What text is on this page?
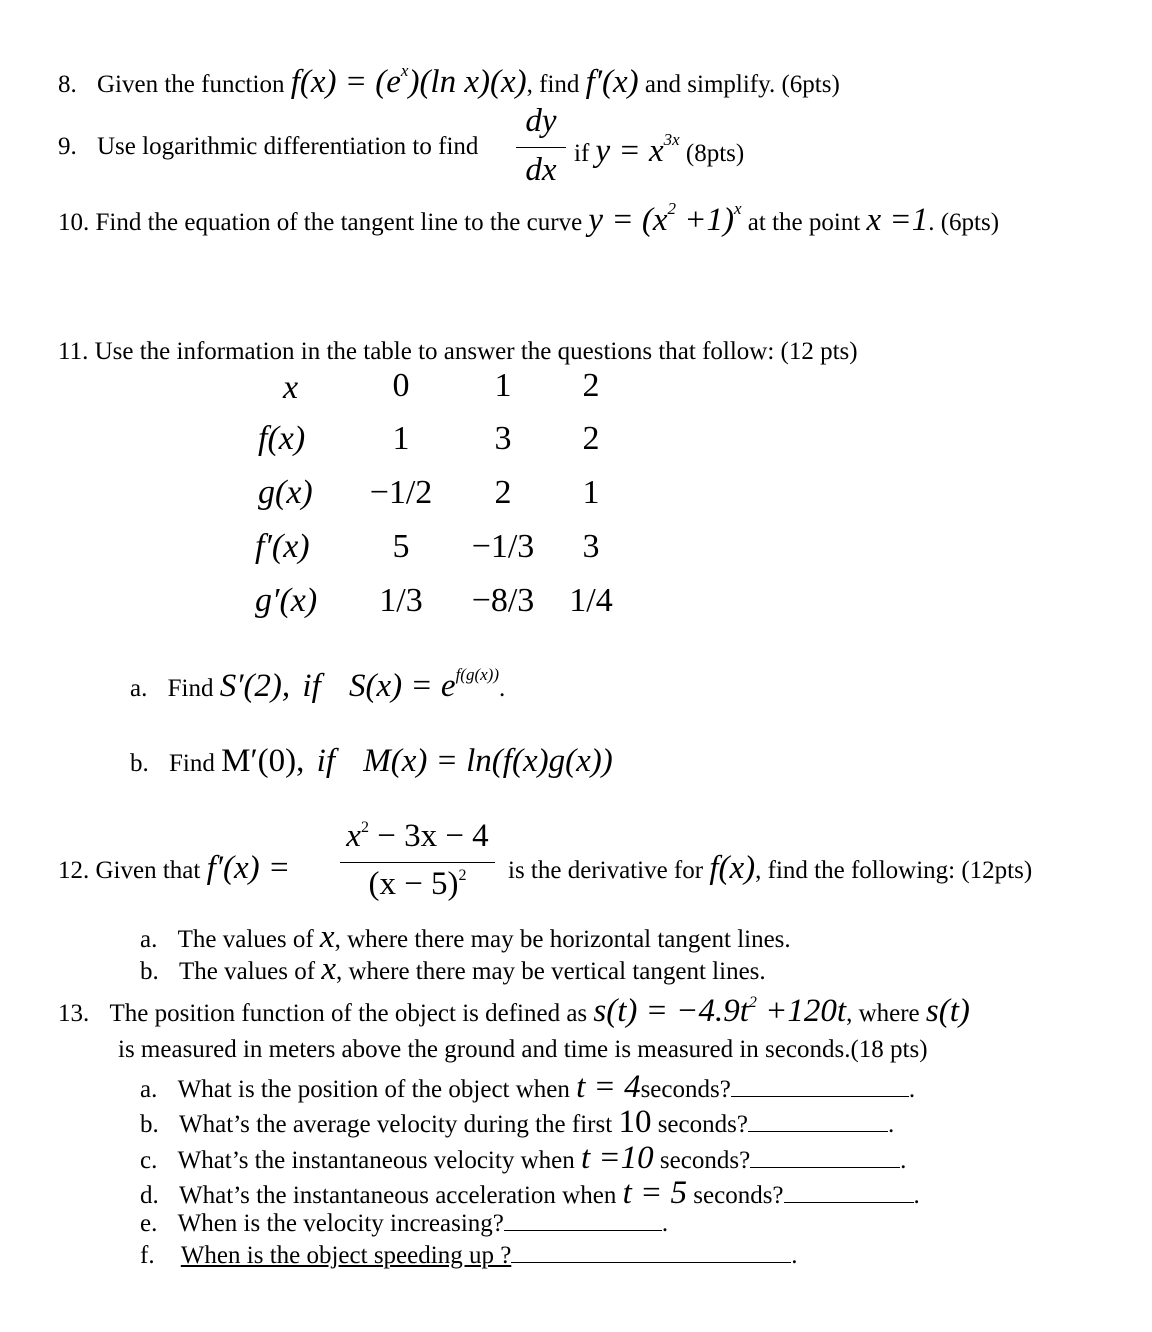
8. Given the function $f(x) = (e^x)(\ln$ x)(x), find f′(x) and simplify. (6pts)
9. Use logarithmic differentiation to find
dy
dx if $y = x^{3x}$ (8pts)
10. Find the equation of the tangent line to the curve $y = (x^2 +1)^x$ at the point x =1. (6pts)
11. Use the information in the table to answer the questions that follow: (12 pts)
x	0	1	2
f(x)	1	3	2
g(x)	−1/2	2	1
f′(x)	5	−1/3	3
g′(x)	1/3	−8/3	1/4
a. Find S′(2), if $S(x) = e^{f(g(x))}$.
b. Find M′(0), if M(x) = ln(f(x)g(x))
12. Given that f′(x) =
$x^2 - 3x - 4$
$(x - 5)^2$	is the derivative for f(x), find the following: (12pts)
a. The values of x, where there may be horizontal tangent lines.
b. The values of x, where there may be vertical tangent lines.
13. The position function of the object is defined as $s(t) = -4.9t^2 +120t$, where s(t)
is measured in meters above the ground and time is measured in seconds.(18 pts)
a. What is the position of the object when t = 4seconds?	.
b. What’s the average velocity during the first 10 seconds?	.
c. What’s the instantaneous velocity when t =10 seconds?	.
d. What’s the instantaneous acceleration when t = 5 seconds?	.
e. When is the velocity increasing?	.
f. When is the object speeding up ?	.
